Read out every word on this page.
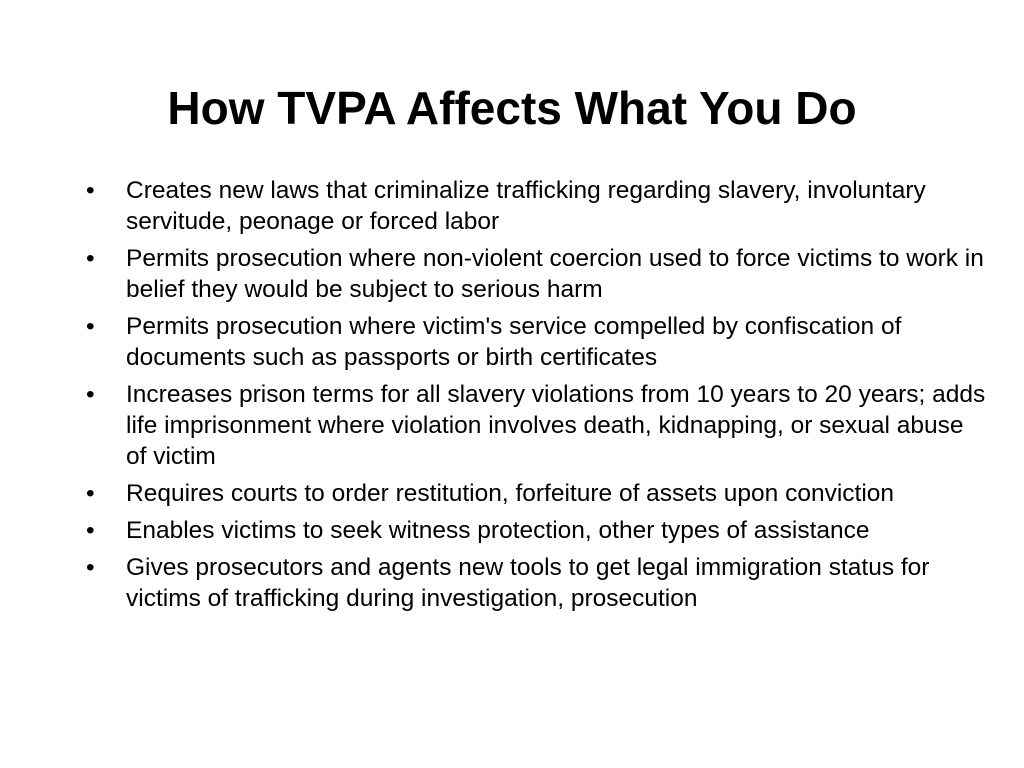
How TVPA Affects What You Do
•	Creates new laws that criminalize trafficking regarding slavery, involuntary servitude, peonage or forced labor
•	Permits prosecution where non-violent coercion used to force victims to work in belief they would be subject to serious harm
•	Permits prosecution where victim's service compelled by confiscation of documents such as passports or birth certificates
•	Increases prison terms for all slavery violations from 10 years to 20 years; adds life imprisonment where violation involves death, kidnapping, or sexual abuse of victim
•	Requires courts to order restitution, forfeiture of assets upon conviction
•	Enables victims to seek witness protection, other types of assistance
•	Gives prosecutors and agents new tools to get legal immigration status for victims of trafficking during investigation, prosecution
